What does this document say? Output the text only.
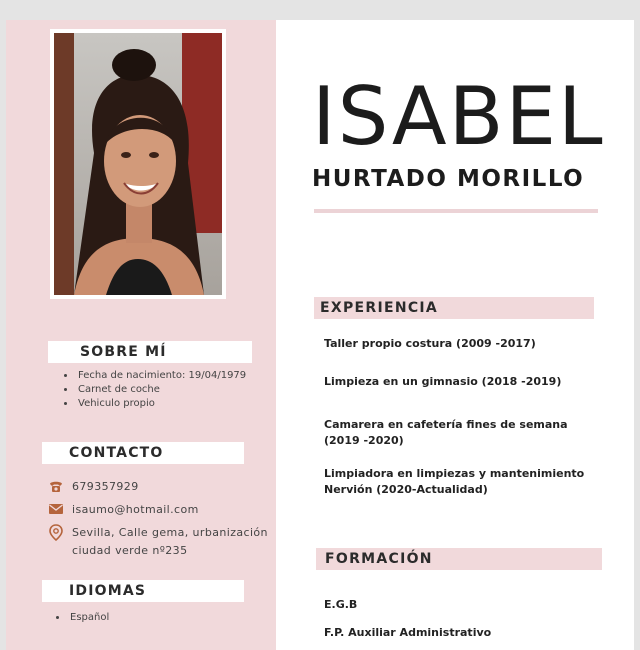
SOBRE MÍ
• Fecha de nacimiento: 19/04/1979
• Carnet de coche
• Vehiculo propio
CONTACTO
679357929
isaumo@hotmail.com
Sevilla, Calle gema, urbanización
ciudad verde nº235
IDIOMAS
• Español
ISABEL
HURTADO MORILLO
EXPERIENCIA
Taller propio costura (2009 -2017)
Limpieza en un gimnasio (2018 -2019)
Camarera en cafetería fines de semana
(2019 -2020)
Limpiadora en limpiezas y mantenimiento
Nervión (2020-Actualidad)
FORMACIÓN
E.G.B
F.P. Auxiliar Administrativo
